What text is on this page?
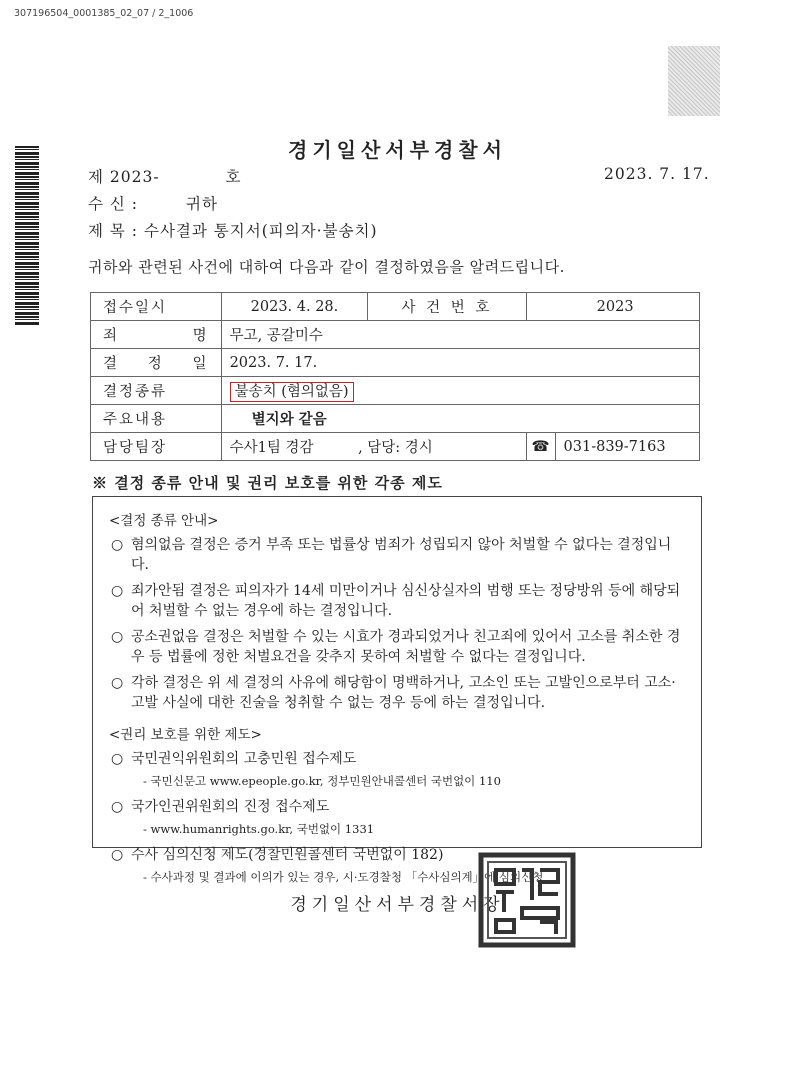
307196504_0001385_02_07 / 2_1006
경기일산서부경찰서
제 2023-	호	2023. 7. 17.
수 신 :	귀하
제 목 : 수사결과 통지서(피의자·불송치)
귀하와 관련된 사건에 대하여 다음과 같이 결정하였음을 알려드립니다.
접수일시	2023. 4. 28.	사 건 번 호	2023	
죄 명	무고, 공갈미수			
결 정 일	2023. 7. 17.			
결정종류	불송치 (혐의없음)			
주요내용	별지와 같음			
담당팀장	수사1팀 경감 , 담당: 경시		☎	031-839-7163
※ 결정 종류 안내 및 권리 보호를 위한 각종 제도
<결정 종류 안내>
○ 혐의없음 결정은 증거 부족 또는 법률상 범죄가 성립되지 않아 처벌할 수 없다는 결정입니다.
○ 죄가안됨 결정은 피의자가 14세 미만이거나 심신상실자의 범행 또는 정당방위 등에 해당되어 처벌할 수 없는 경우에 하는 결정입니다.
○ 공소권없음 결정은 처벌할 수 있는 시효가 경과되었거나 친고죄에 있어서 고소를 취소한 경우 등 법률에 정한 처벌요건을 갖추지 못하여 처벌할 수 없다는 결정입니다.
○ 각하 결정은 위 세 결정의 사유에 해당함이 명백하거나, 고소인 또는 고발인으로부터 고소·고발 사실에 대한 진술을 청취할 수 없는 경우 등에 하는 결정입니다.
<권리 보호를 위한 제도>
○ 국민권익위원회의 고충민원 접수제도
- 국민신문고 www.epeople.go.kr, 정부민원안내콜센터 국번없이 110
○ 국가인권위원회의 진정 접수제도
- www.humanrights.go.kr, 국번없이 1331
○ 수사 심의신청 제도(경찰민원콜센터 국번없이 182)
- 수사과정 및 결과에 이의가 있는 경우, 시·도경찰청 「수사심의계」에 심의신청
경기일산서부경찰서장
